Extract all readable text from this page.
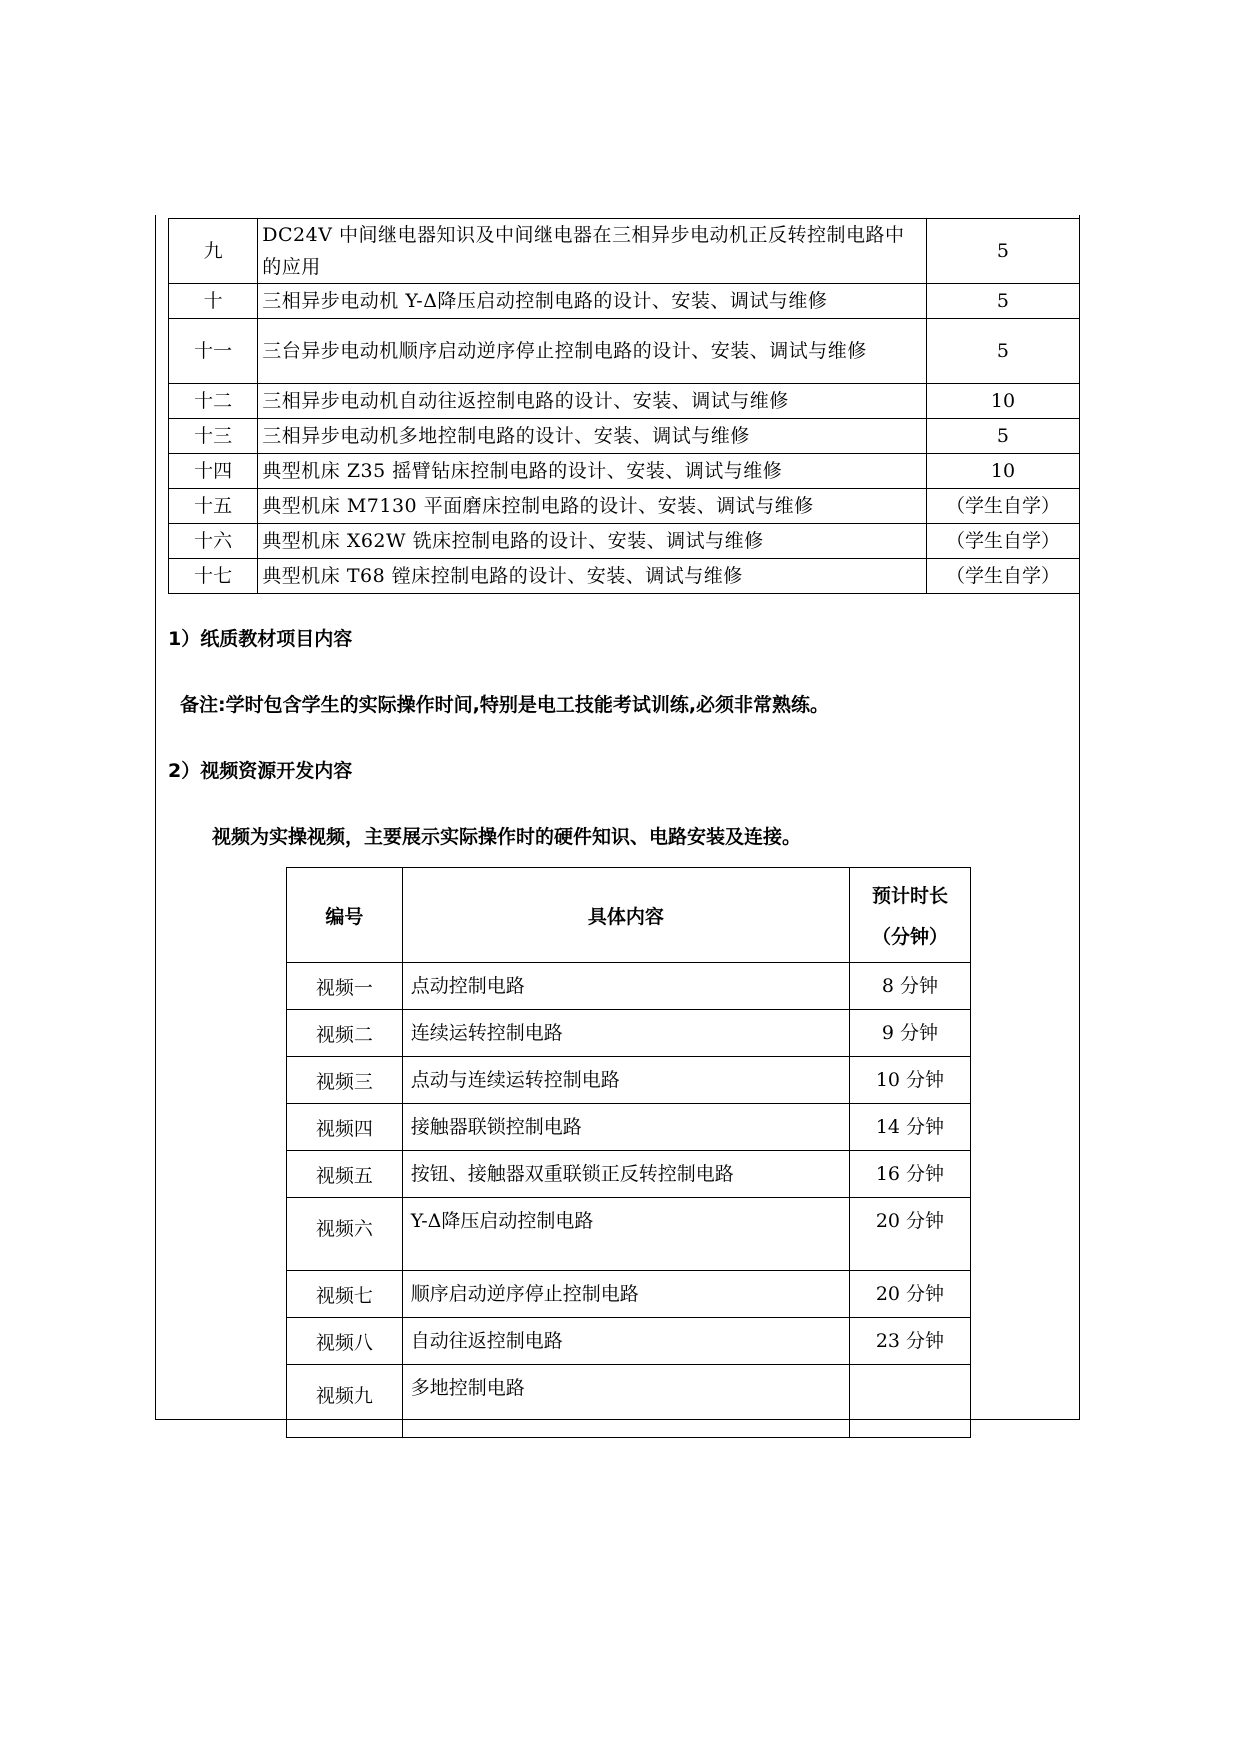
九	DC24V 中间继电器知识及中间继电器在三相异步电动机正反转控制电路中的应用	5
十	三相异步电动机 Y-Δ降压启动控制电路的设计、安装、调试与维修	5
十一	三台异步电动机顺序启动逆序停止控制电路的设计、安装、调试与维修	5
十二	三相异步电动机自动往返控制电路的设计、安装、调试与维修	10
十三	三相异步电动机多地控制电路的设计、安装、调试与维修	5
十四	典型机床 Z35 摇臂钻床控制电路的设计、安装、调试与维修	10
十五	典型机床 M7130 平面磨床控制电路的设计、安装、调试与维修	（学生自学）
十六	典型机床 X62W 铣床控制电路的设计、安装、调试与维修	（学生自学）
十七	典型机床 T68 镗床控制电路的设计、安装、调试与维修	（学生自学）
1）纸质教材项目内容
备注:学时包含学生的实际操作时间,特别是电工技能考试训练,必须非常熟练。
2）视频资源开发内容
视频为实操视频，主要展示实际操作时的硬件知识、电路安装及连接。
编号	具体内容	预计时长
（分钟）

视频一	点动控制电路	8 分钟
视频二	连续运转控制电路	9 分钟
视频三	点动与连续运转控制电路	10 分钟
视频四	接触器联锁控制电路	14 分钟
视频五	按钮、接触器双重联锁正反转控制电路	16 分钟
视频六	Y-Δ降压启动控制电路	20 分钟
视频七	顺序启动逆序停止控制电路	20 分钟
视频八	自动往返控制电路	23 分钟
视频九	多地控制电路	
